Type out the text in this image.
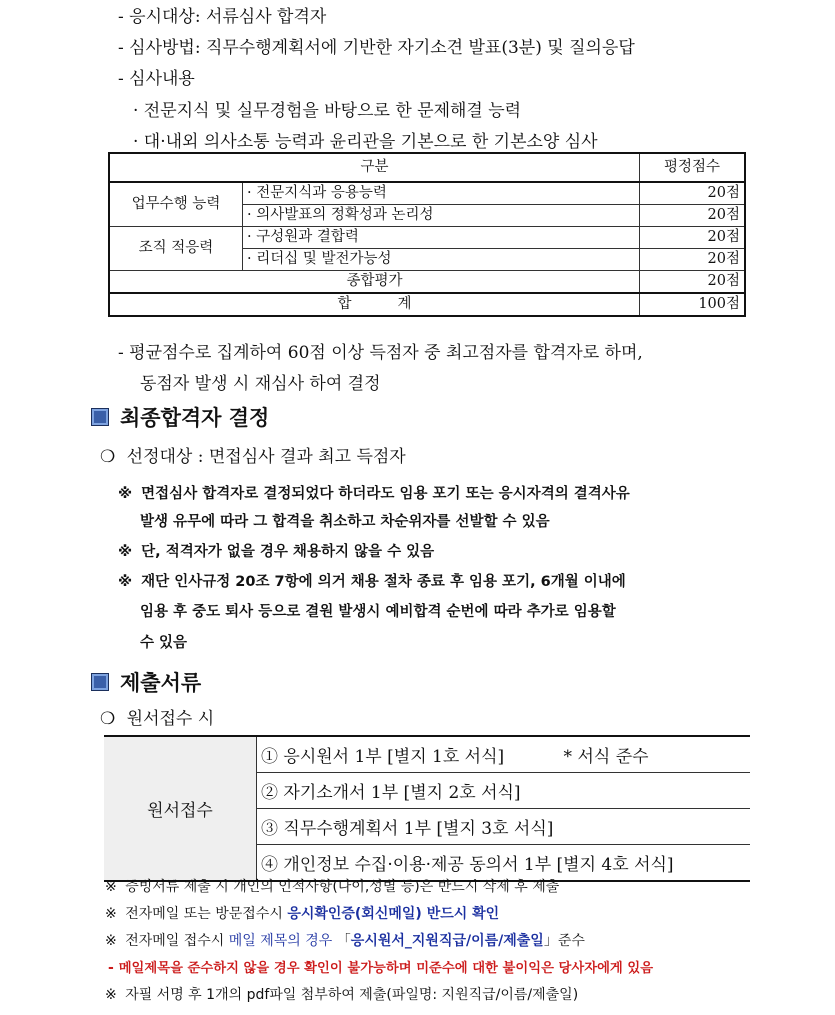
- 응시대상: 서류심사 합격자
- 심사방법: 직무수행계획서에 기반한 자기소견 발표(3분) 및 질의응답
- 심사내용
· 전문지식 및 실무경험을 바탕으로 한 문제해결 능력
· 대·내외 의사소통 능력과 윤리관을 기본으로 한 기본소양 심사
구분		평정점수
업무수행 능력	· 전문지식과 응용능력	20점
	· 의사발표의 정확성과 논리성	20점
조직 적응력	· 구성원과 결합력	20점
	· 리더십 및 발전가능성	20점
종합평가		20점
합          계		100점
- 평균점수로 집계하여 60점 이상 득점자 중 최고점자를 합격자로 하며,
동점자 발생 시 재심사 하여 결정
최종합격자 결정
❍ 선정대상 : 면접심사 결과 최고 득점자
※ 면접심사 합격자로 결정되었다 하더라도 임용 포기 또는 응시자격의 결격사유
발생 유무에 따라 그 합격을 취소하고 차순위자를 선발할 수 있음
※ 단, 적격자가 없을 경우 채용하지 않을 수 있음
※ 재단 인사규정 20조 7항에 의거 채용 절차 종료 후 임용 포기, 6개월 이내에
임용 후 중도 퇴사 등으로 결원 발생시 예비합격 순번에 따라 추가로 임용할
수 있음
제출서류
❍ 원서접수 시
원서접수	① 응시원서 1부 [별지 1호 서식]	* 서식 준수
② 자기소개서 1부 [별지 2호 서식]
③ 직무수행계획서 1부 [별지 3호 서식]
④ 개인정보 수집·이용·제공 동의서 1부 [별지 4호 서식]
※ 증빙서류 제출 시 개인의 인적사항(나이,성별 등)은 반드시 삭제 후 제출
※ 전자메일 또는 방문접수시 응시확인증(회신메일) 반드시 확인
※ 전자메일 접수시 메일 제목의 경우 「응시원서_지원직급/이름/제출일」준수
- 메일제목을 준수하지 않을 경우 확인이 불가능하며 미준수에 대한 불이익은 당사자에게 있음
※ 자필 서명 후 1개의 pdf파일 첨부하여 제출(파일명: 지원직급/이름/제출일)
